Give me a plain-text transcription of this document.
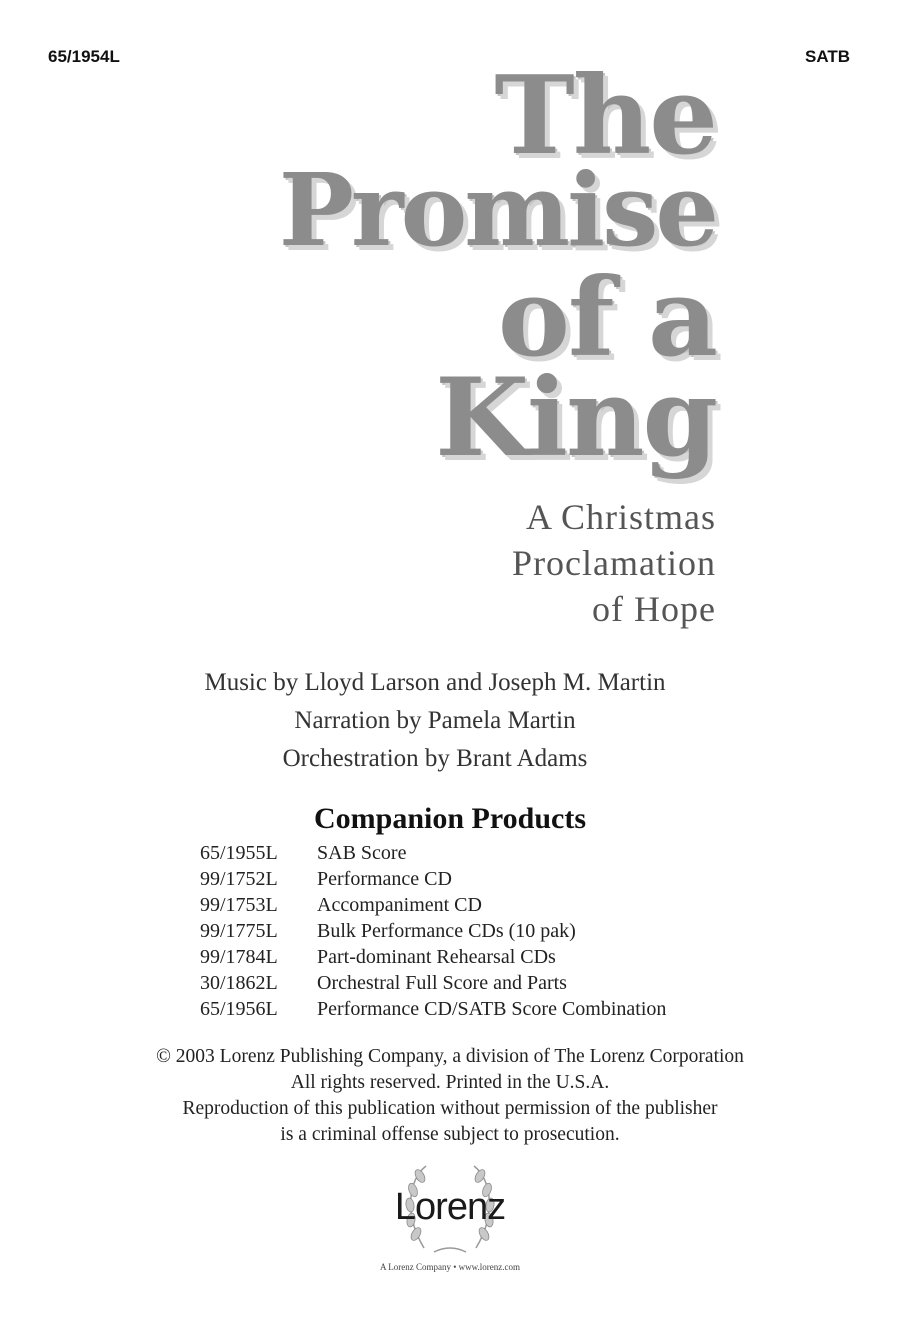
65/1954L	SATB
The
Promise
of a
King
A Christmas
Proclamation
of Hope
Music by Lloyd Larson and Joseph M. Martin
Narration by Pamela Martin
Orchestration by Brant Adams
Companion Products
65/1955L SAB Score
99/1752L Performance CD
99/1753L Accompaniment CD
99/1775L Bulk Performance CDs (10 pak)
99/1784L Part-dominant Rehearsal CDs
30/1862L Orchestral Full Score and Parts
65/1956L Performance CD/SATB Score Combination
© 2003 Lorenz Publishing Company, a division of The Lorenz Corporation
All rights reserved. Printed in the U.S.A.
Reproduction of this publication without permission of the publisher
is a criminal offense subject to prosecution.
Lorenz
A Lorenz Company • www.lorenz.com
